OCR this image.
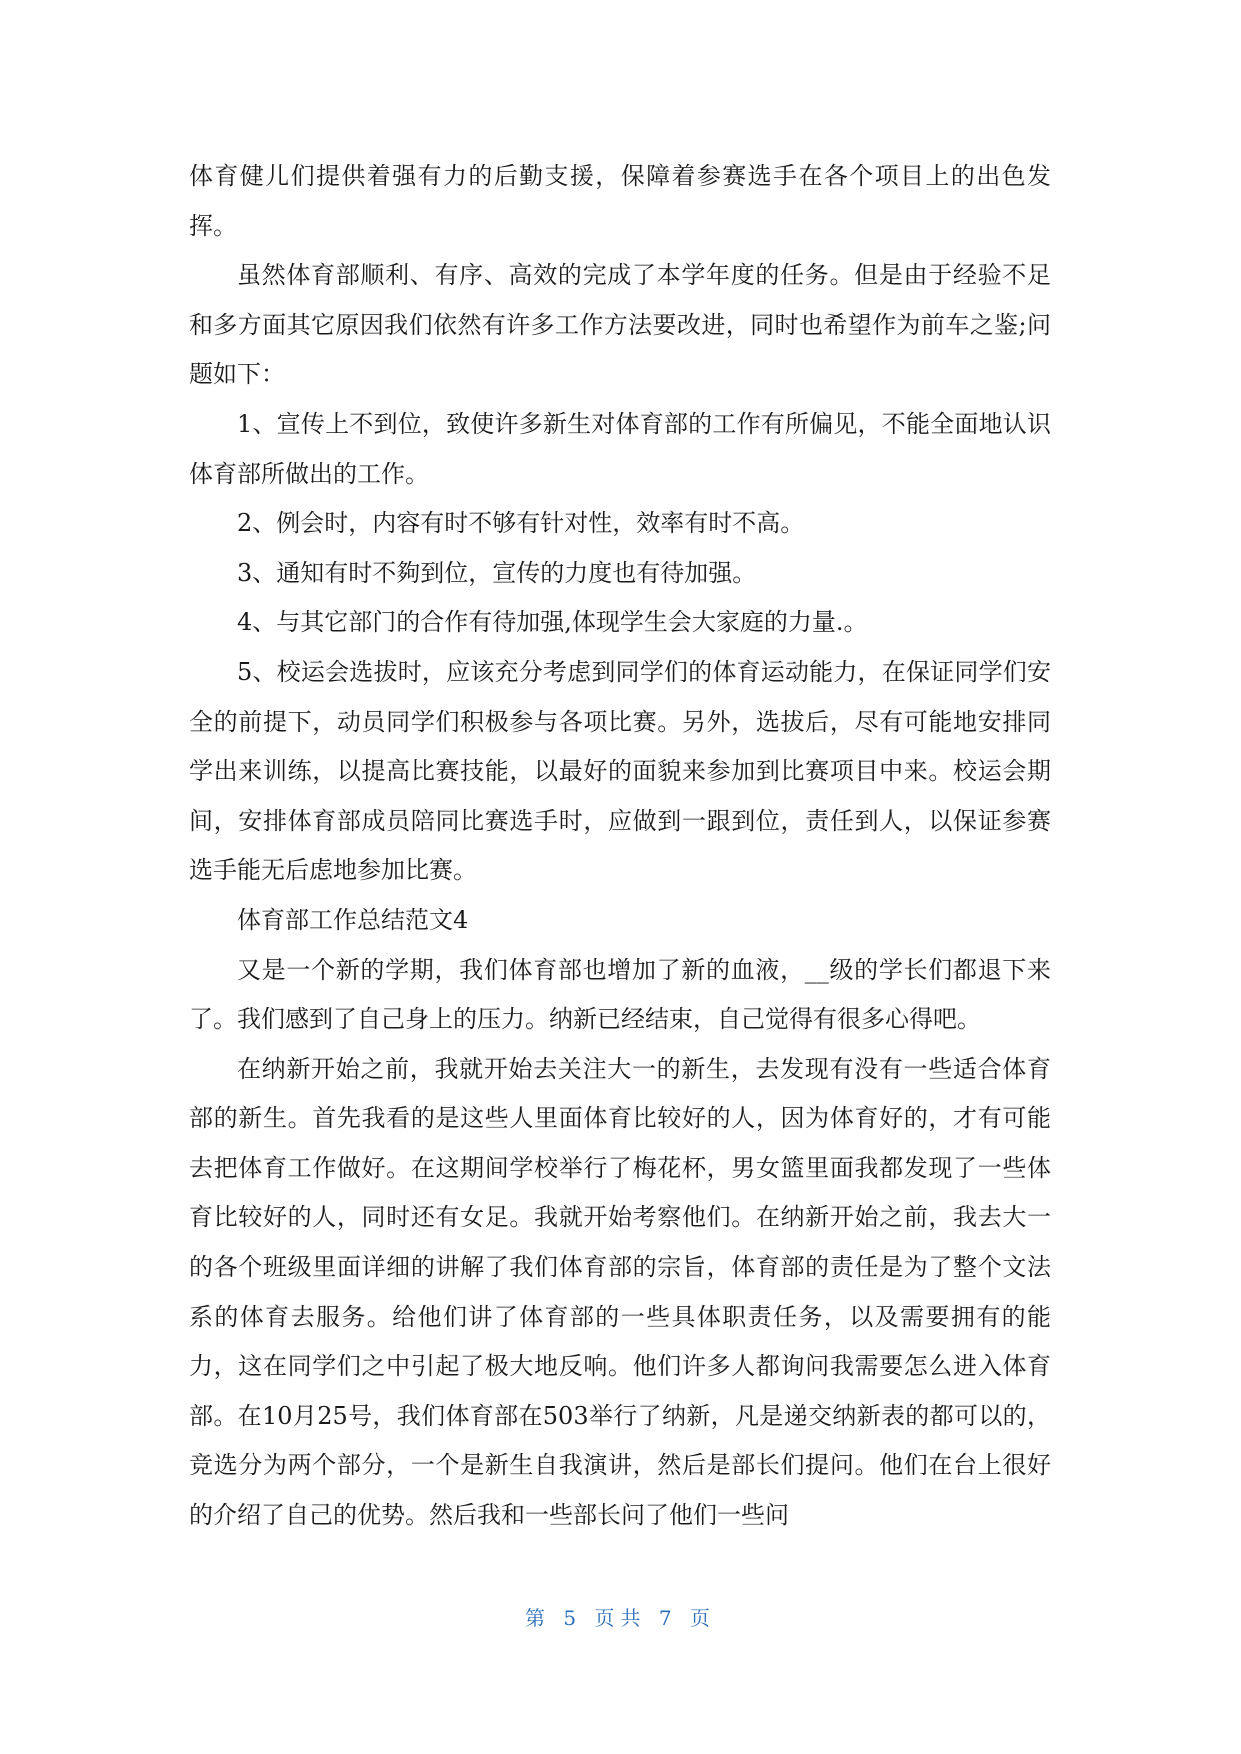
体育健儿们提供着强有力的后勤支援，保障着参赛选手在各个项目上的出色发挥。

虽然体育部顺利、有序、高效的完成了本学年度的任务。但是由于经验不足和多方面其它原因我们依然有许多工作方法要改进，同时也希望作为前车之鉴;问题如下：

1、宣传上不到位，致使许多新生对体育部的工作有所偏见，不能全面地认识体育部所做出的工作。

2、例会时，内容有时不够有针对性，效率有时不高。

3、通知有时不夠到位，宣传的力度也有待加强。

4、与其它部门的合作有待加强,体现学生会大家庭的力量.。

5、校运会选拔时，应该充分考虑到同学们的体育运动能力，在保证同学们安全的前提下，动员同学们积极参与各项比赛。另外，选拔后，尽有可能地安排同学出来训练，以提高比赛技能，以最好的面貌来参加到比赛项目中来。校运会期间，安排体育部成员陪同比赛选手时，应做到一跟到位，责任到人，以保证参赛选手能无后虑地参加比赛。

体育部工作总结范文4

又是一个新的学期，我们体育部也增加了新的血液，__级的学长们都退下来了。我们感到了自己身上的压力。纳新已经结束，自己觉得有很多心得吧。

在纳新开始之前，我就开始去关注大一的新生，去发现有没有一些适合体育部的新生。首先我看的是这些人里面体育比较好的人，因为体育好的，才有可能去把体育工作做好。在这期间学校举行了梅花杯，男女篮里面我都发现了一些体育比较好的人，同时还有女足。我就开始考察他们。在纳新开始之前，我去大一的各个班级里面详细的讲解了我们体育部的宗旨，体育部的责任是为了整个文法系的体育去服务。给他们讲了体育部的一些具体职责任务，以及需要拥有的能力，这在同学们之中引起了极大地反响。他们许多人都询问我需要怎么进入体育部。在10月25号，我们体育部在503举行了纳新，凡是递交纳新表的都可以的，竞选分为两个部分，一个是新生自我演讲，然后是部长们提问。他们在台上很好的介绍了自己的优势。然后我和一些部长问了他们一些问

第 5 页共 7 页
